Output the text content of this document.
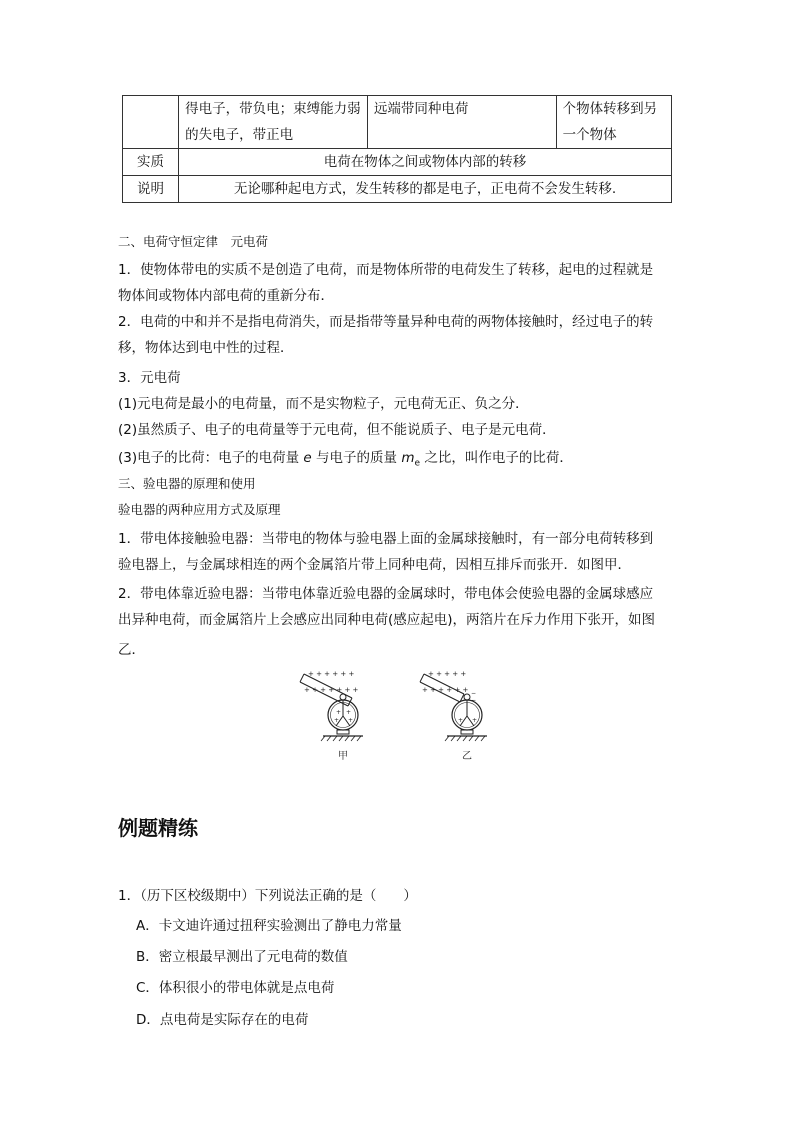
	得电子，带负电；束缚能力弱的失电子，带正电	远端带同种电荷	个物体转移到另一个物体
实质	电荷在物体之间或物体内部的转移		
说明	无论哪种起电方式，发生转移的都是电子，正电荷不会发生转移.		
二、电荷守恒定律　元电荷
1．使物体带电的实质不是创造了电荷，而是物体所带的电荷发生了转移，起电的过程就是
物体间或物体内部电荷的重新分布．
2．电荷的中和并不是指电荷消失，而是指带等量异种电荷的两物体接触时，经过电子的转
移，物体达到电中性的过程．
3．元电荷
(1)元电荷是最小的电荷量，而不是实物粒子，元电荷无正、负之分．
(2)虽然质子、电子的电荷量等于元电荷，但不能说质子、电子是元电荷．
(3)电子的比荷：电子的电荷量 e 与电子的质量 $m_e$ 之比，叫作电子的比荷．
三、验电器的原理和使用
验电器的两种应用方式及原理
1．带电体接触验电器：当带电的物体与验电器上面的金属球接触时，有一部分电荷转移到
验电器上，与金属球相连的两个金属箔片带上同种电荷，因相互排斥而张开．如图甲．
2．带电体靠近验电器：当带电体靠近验电器的金属球时，带电体会使验电器的金属球感应
出异种电荷，而金属箔片上会感应出同种电荷(感应起电)，两箔片在斥力作用下张开，如图
乙．
+ + + + + +
+ + + + + + +
+ +
+ +
甲
+ + + + +
+ + + + + + −
−
+ +
乙
例题精练
1．（历下区校级期中）下列说法正确的是（　　）
A．卡文迪许通过扭秤实验测出了静电力常量
B．密立根最早测出了元电荷的数值
C．体积很小的带电体就是点电荷
D．点电荷是实际存在的电荷
